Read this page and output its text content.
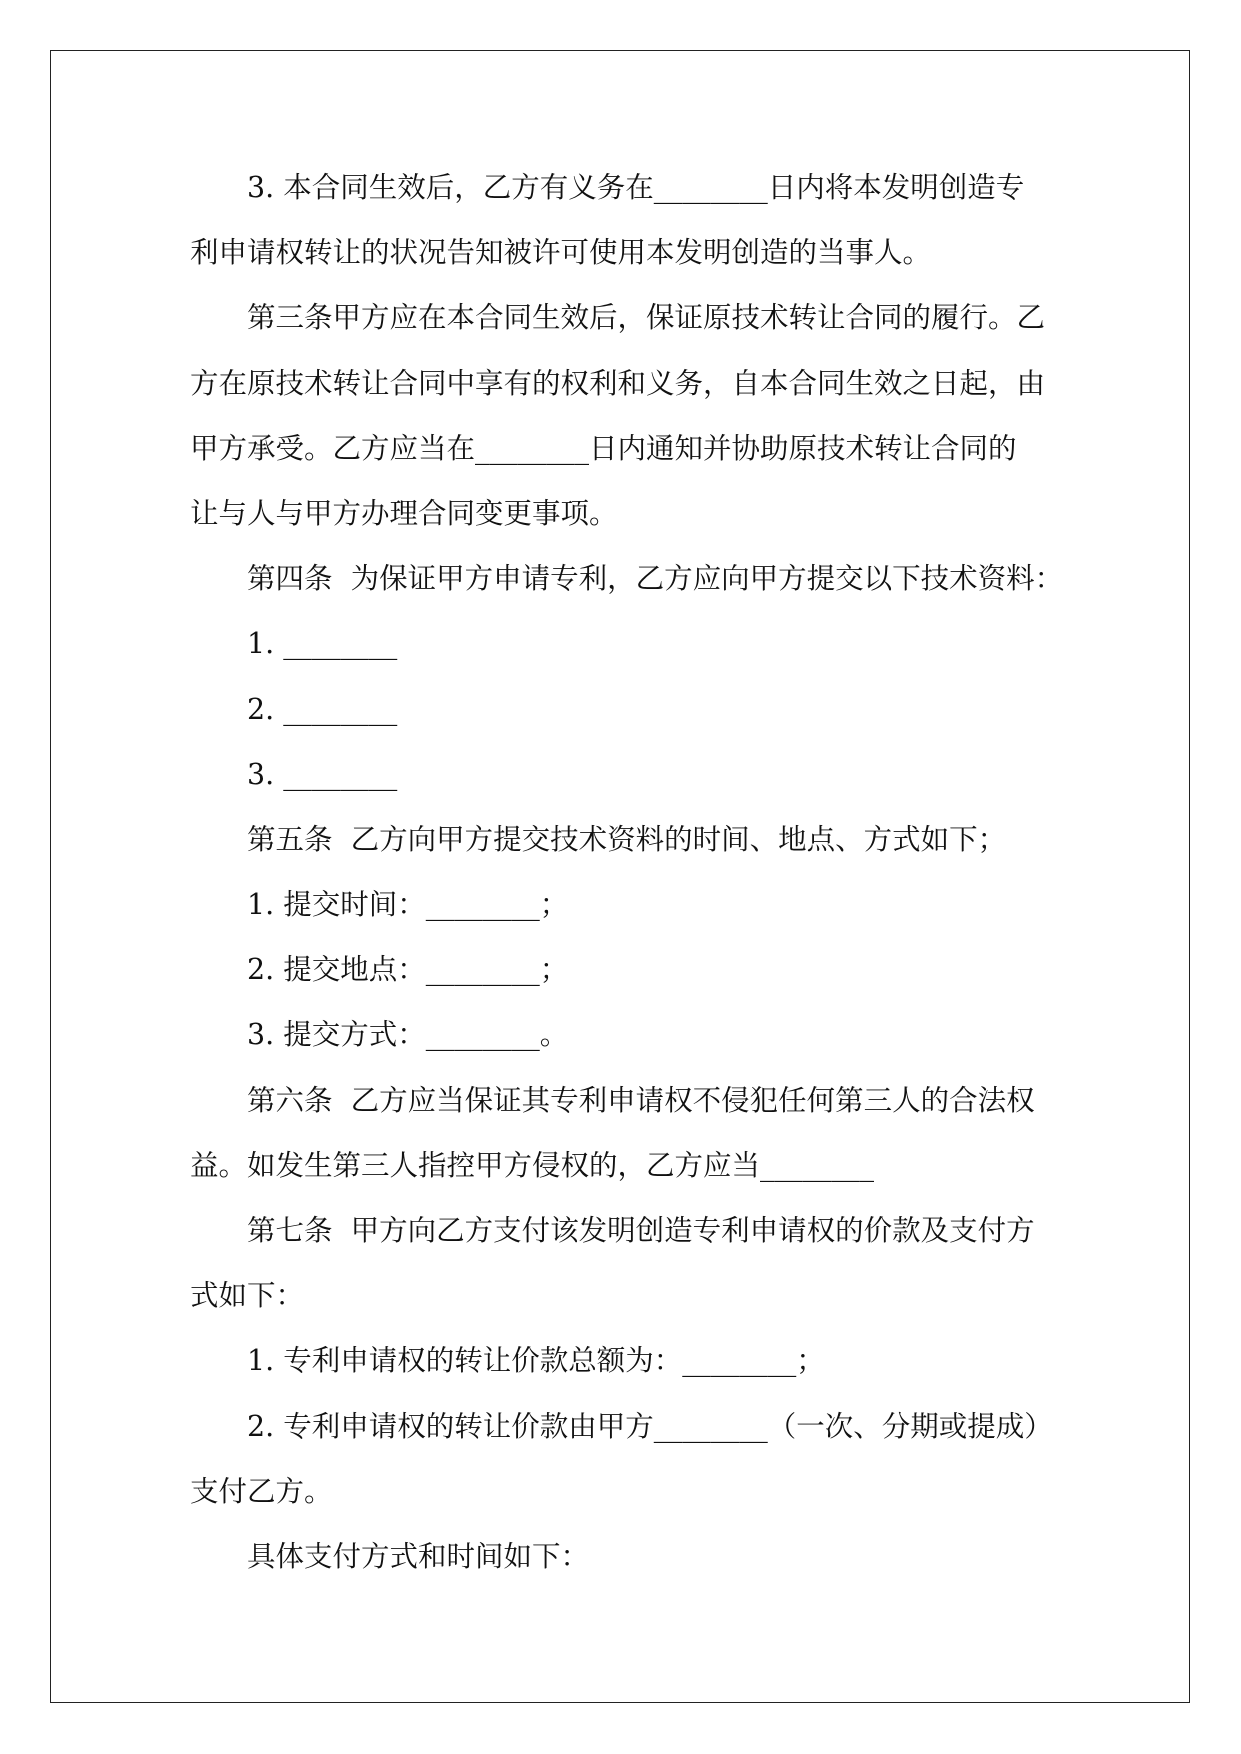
3. 本合同生效后，乙方有义务在________日内将本发明创造专
利申请权转让的状况告知被许可使用本发明创造的当事人。
第三条甲方应在本合同生效后，保证原技术转让合同的履行。乙
方在原技术转让合同中享有的权利和义务，自本合同生效之日起，由
甲方承受。乙方应当在________日内通知并协助原技术转让合同的
让与人与甲方办理合同变更事项。
第四条  为保证甲方申请专利，乙方应向甲方提交以下技术资料：
1. ________
2. ________
3. ________
第五条  乙方向甲方提交技术资料的时间、地点、方式如下；
1. 提交时间：________；
2. 提交地点：________；
3. 提交方式：________。
第六条  乙方应当保证其专利申请权不侵犯任何第三人的合法权
益。如发生第三人指控甲方侵权的，乙方应当________
第七条  甲方向乙方支付该发明创造专利申请权的价款及支付方
式如下：
1. 专利申请权的转让价款总额为：________；
2. 专利申请权的转让价款由甲方________（一次、分期或提成）
支付乙方。
具体支付方式和时间如下：
